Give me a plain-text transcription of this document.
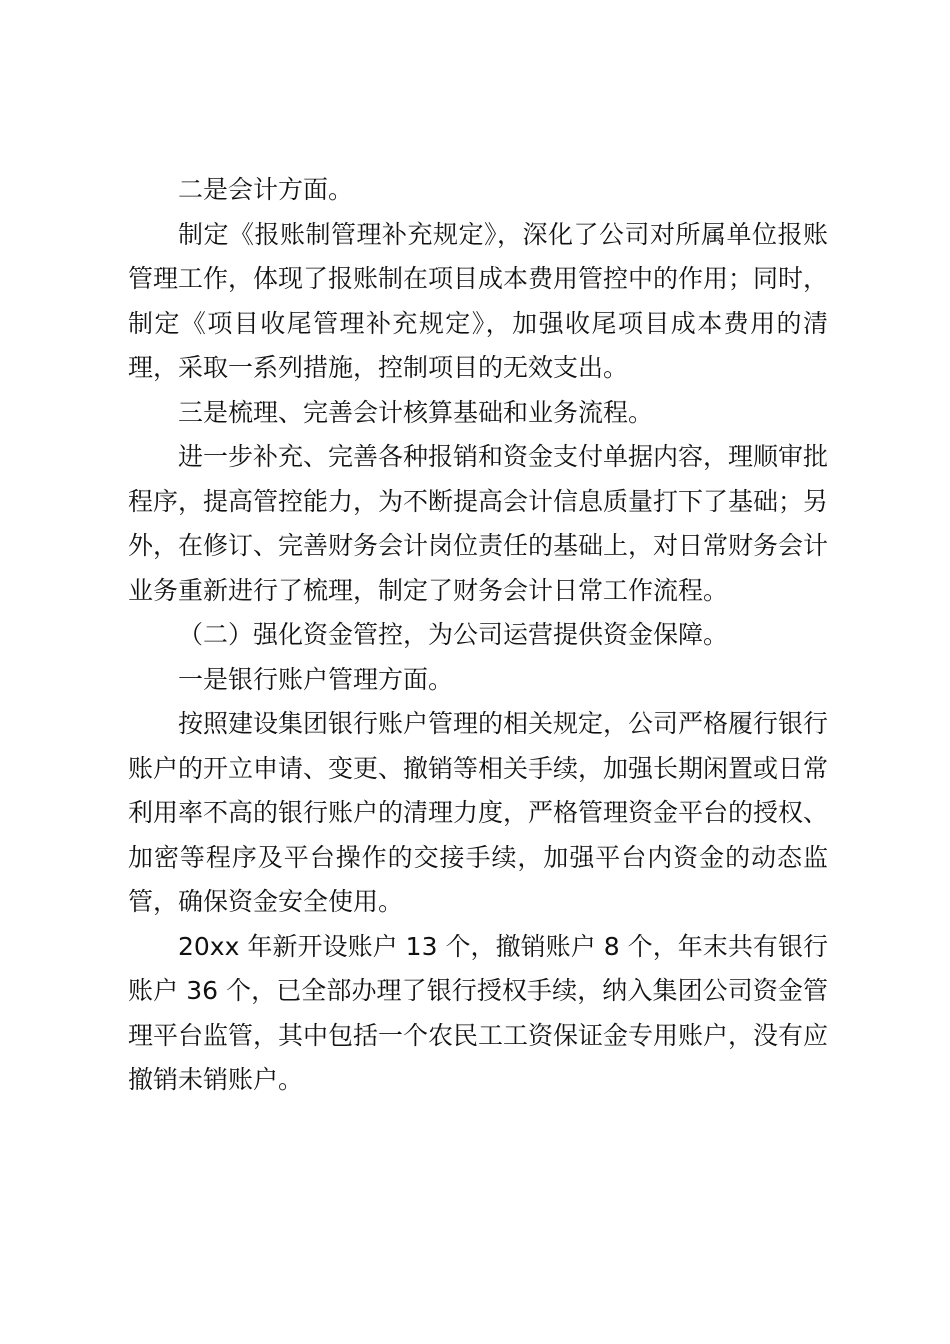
二是会计方面。

制定《报账制管理补充规定》，深化了公司对所属单位报账管理工作，体现了报账制在项目成本费用管控中的作用；同时，制定《项目收尾管理补充规定》，加强收尾项目成本费用的清理，采取一系列措施，控制项目的无效支出。

三是梳理、完善会计核算基础和业务流程。

进一步补充、完善各种报销和资金支付单据内容，理顺审批程序，提高管控能力，为不断提高会计信息质量打下了基础；另外，在修订、完善财务会计岗位责任的基础上，对日常财务会计业务重新进行了梳理，制定了财务会计日常工作流程。

（二）强化资金管控，为公司运营提供资金保障。

一是银行账户管理方面。

按照建设集团银行账户管理的相关规定，公司严格履行银行账户的开立申请、变更、撤销等相关手续，加强长期闲置或日常利用率不高的银行账户的清理力度，严格管理资金平台的授权、加密等程序及平台操作的交接手续，加强平台内资金的动态监管，确保资金安全使用。

20xx 年新开设账户 13 个，撤销账户 8 个，年末共有银行账户 36 个，已全部办理了银行授权手续，纳入集团公司资金管理平台监管，其中包括一个农民工工资保证金专用账户，没有应撤销未销账户。
